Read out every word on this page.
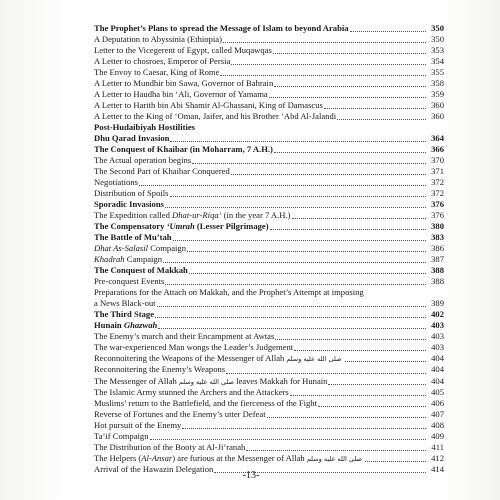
The Prophet’s Plans to spread the Message of Islam to beyond Arabia	350
A Deputation to Abyssinia (Ethiopia)	350
Letter to the Vicegerent of Egypt, called Muqawqas	353
A Letter to chosroes, Emperor of Persia	354
The Envoy to Caesar, King of Rome	355
A Letter to Mundhir bin Sawa, Governor of Bahrain	358
A Letter to Haudha bin ‘Ali, Governor of Yamama	359
A Letter to Harith bin Abi Shamir Al-Ghassani, King of Damascus	360
A Letter to the King of ‘Oman, Jaifer, and his Brother ‘Abd Al-Jalandi	360
Post-Hudaibiyah Hostilities
Dhu Qarad Invasion	364
The Conquest of Khaibar (in Moharram, 7 A.H.)	366
The Actual operation begins	370
The Second Part of Khaibar Conquered	371
Negotiations	372
Distribution of Spoils	372
Sporadic Invasions	376
The Expedition called Dhat-ur-Riqa’ (in the year 7 A.H.)	376
The Compensatory ‘Umrah (Lesser Pilgrimage)	380
The Battle of Mu’tah	383
Dhat As-Salasil Compaign	386
Khadrah Campaign	387
The Conquest of Makkah	388
Pre-conquest Events	388
Preparations for the Attach on Makkah, and the Prophet’s Attempt at imposing
a News Black-out	389
The Third Stage	402
Hunain Ghazwah	403
The Enemy’s march and their Encampment at Awtas	403
The war-experienced Man wongs the Leader’s Judgement	403
Reconnoitering the Weapons of the Messenger of Allah صلى الله عليه وسلم	404
Reconnoitering the Enemy’s Weapons	404
The Messenger of Allah صلى الله عليه وسلم leaves Makkah for Hunain	404
The Islamic Army stunned the Archers and the Attackers	405
Muslims’ return to the Battlefield, and the fierceness of the Fight	406
Reverse of Fortunes and the Enemy’s utter Defeat	407
Hot pursuit of the Enemy	408
Ta’if Compaign	409
The Distribution of the Booty at Al-Ji’ranah	411
The Helpers (Al-Ansar) are furious at the Messenger of Allah صلى الله عليه وسلم	412
Arrival of the Hawazin Delegation	414
-13-
